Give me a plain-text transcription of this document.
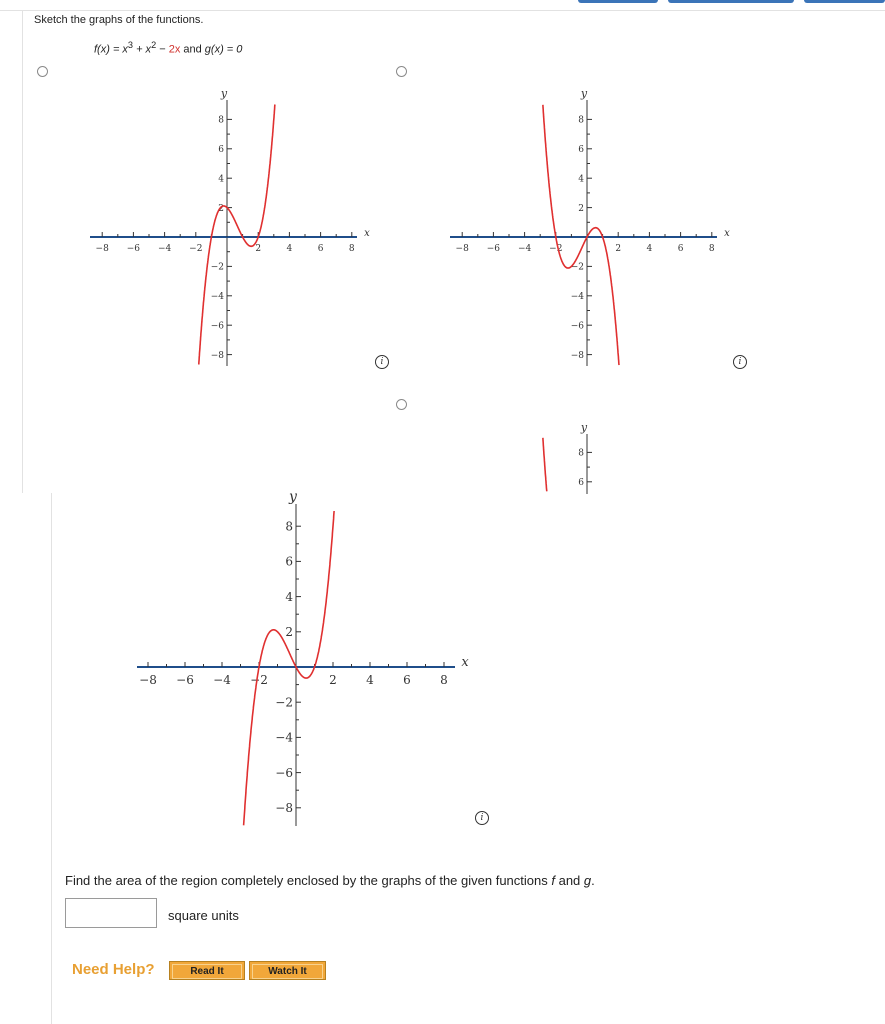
Sketch the graphs of the functions.
$f(x) = x^3 + x^2 - 2x$ and g(x) = 0
8
6
4
2
−2
−4
−6
−8
y
−8 −6 −4 −2	2	4	6	8
x
8
6
4
2
−2
−4
−6
−8
y
−8 −6 −4 −2	2	4	6	8
x
8
6
y
8
6
4
2
−2
−4
−6
−8
y
−8 −6 −4 −2	2 4 6 8
x
i	i
i
Find the area of the region completely enclosed by the graphs of the given functions f and g.
square units
Need Help?	Read It	Watch It
